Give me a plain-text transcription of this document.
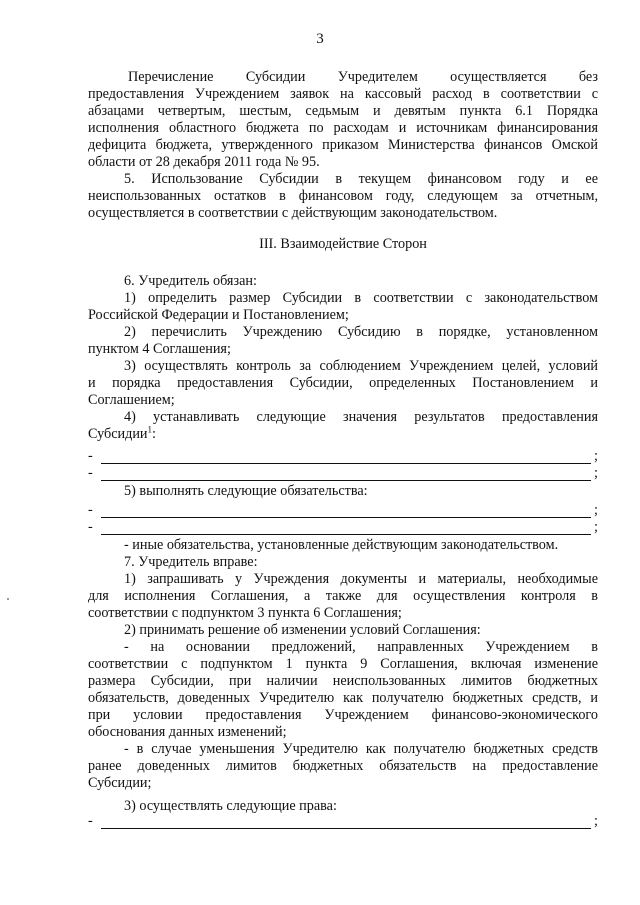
3
III. Взаимодействие Сторон
Перечисление Субсидии Учредителем осуществляется без
предоставления Учреждением заявок на кассовый расход в соответствии с
абзацами четвертым, шестым, седьмым и девятым пункта 6.1 Порядка
исполнения областного бюджета по расходам и источникам финансирования
дефицита бюджета, утвержденного приказом Министерства финансов Омской
области от 28 декабря 2011 года № 95.
5. Использование Субсидии в текущем финансовом году и ее
неиспользованных остатков в финансовом году, следующем за отчетным,
осуществляется в соответствии с действующим законодательством.
6. Учредитель обязан:
1) определить размер Субсидии в соответствии с законодательством
Российской Федерации и Постановлением;
2) перечислить Учреждению Субсидию в порядке, установленном
пунктом 4 Соглашения;
3) осуществлять контроль за соблюдением Учреждением целей, условий
и порядка предоставления Субсидии, определенных Постановлением и
Соглашением;
4) устанавливать следующие значения результатов предоставления
5) выполнять следующие обязательства:
- иные обязательства, установленные действующим законодательством.
7. Учредитель вправе:
1) запрашивать у Учреждения документы и материалы, необходимые
для исполнения Соглашения, а также для осуществления контроля в
соответствии с подпунктом 3 пункта 6 Соглашения;
2) принимать решение об изменении условий Соглашения:
- на основании предложений, направленных Учреждением в
соответствии с подпунктом 1 пункта 9 Соглашения, включая изменение
размера Субсидии, при наличии неиспользованных лимитов бюджетных
обязательств, доведенных Учредителю как получателю бюджетных средств, и
при условии предоставления Учреждением финансово-экономического
обоснования данных изменений;
- в случае уменьшения Учредителю как получателю бюджетных средств
ранее доведенных лимитов бюджетных обязательств на предоставление
Субсидии;
3) осуществлять следующие права:
Субсидии$^1$:
-	;
-	;
-	;
-	;
-	;
